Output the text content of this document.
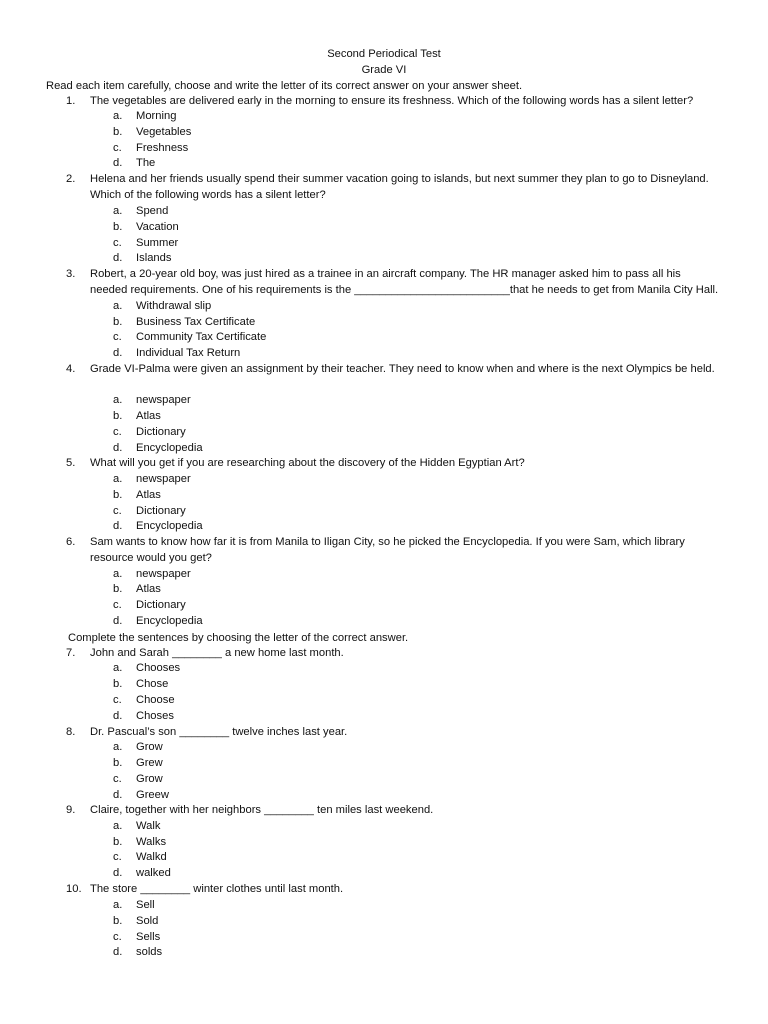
Second Periodical Test
Grade VI
Read each item carefully, choose and write the letter of its correct answer on your answer sheet.
1. The vegetables are delivered early in the morning to ensure its freshness. Which of the following words has a silent letter?
a. Morning
b. Vegetables
c. Freshness
d. The
2. Helena and her friends usually spend their summer vacation going to islands, but next summer they plan to go to Disneyland. Which of the following words has a silent letter?
a. Spend
b. Vacation
c. Summer
d. Islands
3. Robert, a 20-year old boy, was just hired as a trainee in an aircraft company. The HR manager asked him to pass all his needed requirements. One of his requirements is the _________________________that he needs to get from Manila City Hall.
a. Withdrawal slip
b. Business Tax Certificate
c. Community Tax Certificate
d. Individual Tax Return
4. Grade VI-Palma were given an assignment by their teacher. They need to know when and where is the next Olympics be held.
a. newspaper
b. Atlas
c. Dictionary
d. Encyclopedia
5. What will you get if you are researching about the discovery of the Hidden Egyptian Art?
a. newspaper
b. Atlas
c. Dictionary
d. Encyclopedia
6. Sam wants to know how far it is from Manila to Iligan City, so he picked the Encyclopedia. If you were Sam, which library resource would you get?
a. newspaper
b. Atlas
c. Dictionary
d. Encyclopedia
Complete the sentences by choosing the letter of the correct answer.
7. John and Sarah ________ a new home last month.
a. Chooses
b. Chose
c. Choose
d. Choses
8. Dr. Pascual’s son ________ twelve inches last year.
a. Grow
b. Grew
c. Grow
d. Greew
9. Claire, together with her neighbors ________ ten miles last weekend.
a. Walk
b. Walks
c. Walkd
d. walked
10. The store ________ winter clothes until last month.
a. Sell
b. Sold
c. Sells
d. solds
